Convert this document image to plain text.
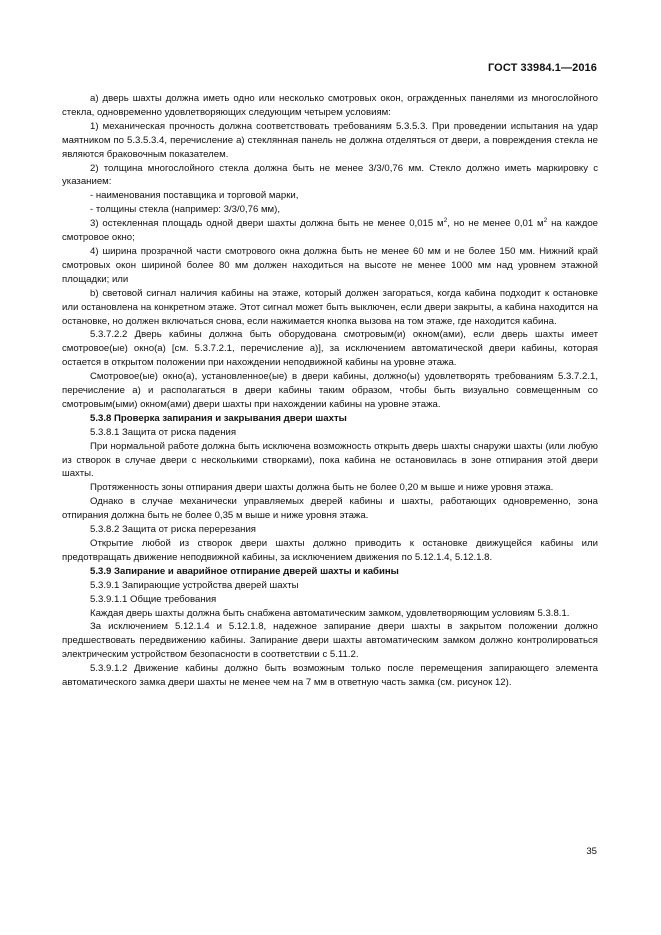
ГОСТ 33984.1—2016

а) дверь шахты должна иметь одно или несколько смотровых окон, огражденных панелями из многослойного стекла, одновременно удовлетворяющих следующим четырем условиям:

1) механическая прочность должна соответствовать требованиям 5.3.5.3. При проведении испытания на удар маятником по 5.3.5.3.4, перечисление а) стеклянная панель не должна отделяться от двери, а повреждения стекла не являются браковочным показателем.

2) толщина многослойного стекла должна быть не менее 3/3/0,76 мм. Стекло должно иметь маркировку с указанием:

- наименования поставщика и торговой марки,

- толщины стекла (например: 3/3/0,76 мм),

3) остекленная площадь одной двери шахты должна быть не менее 0,015 $м^2$, но не менее 0,01 $м^2$ на каждое смотровое окно;

4) ширина прозрачной части смотрового окна должна быть не менее 60 мм и не более 150 мм. Нижний край смотровых окон шириной более 80 мм должен находиться на высоте не менее 1000 мм над уровнем этажной площадки; или

b) световой сигнал наличия кабины на этаже, который должен загораться, когда кабина подходит к остановке или остановлена на конкретном этаже. Этот сигнал может быть выключен, если двери закрыты, а кабина находится на остановке, но должен включаться снова, если нажимается кнопка вызова на том этаже, где находится кабина.

5.3.7.2.2 Дверь кабины должна быть оборудована смотровым(и) окном(ами), если дверь шахты имеет смотровое(ые) окно(а) [см. 5.3.7.2.1, перечисление а)], за исключением автоматической двери кабины, которая остается в открытом положении при нахождении неподвижной кабины на уровне этажа.

Смотровое(ые) окно(а), установленное(ые) в двери кабины, должно(ы) удовлетворять требованиям 5.3.7.2.1, перечисление а) и располагаться в двери кабины таким образом, чтобы быть визуально совмещенным со смотровым(ыми) окном(ами) двери шахты при нахождении кабины на уровне этажа.

5.3.8 Проверка запирания и закрывания двери шахты

5.3.8.1 Защита от риска падения

При нормальной работе должна быть исключена возможность открыть дверь шахты снаружи шахты (или любую из створок в случае двери с несколькими створками), пока кабина не остановилась в зоне отпирания этой двери шахты.

Протяженность зоны отпирания двери шахты должна быть не более 0,20 м выше и ниже уровня этажа.

Однако в случае механически управляемых дверей кабины и шахты, работающих одновременно, зона отпирания должна быть не более 0,35 м выше и ниже уровня этажа.

5.3.8.2 Защита от риска перерезания

Открытие любой из створок двери шахты должно приводить к остановке движущейся кабины или предотвращать движение неподвижной кабины, за исключением движения по 5.12.1.4, 5.12.1.8.

5.3.9 Запирание и аварийное отпирание дверей шахты и кабины

5.3.9.1 Запирающие устройства дверей шахты

5.3.9.1.1 Общие требования

Каждая дверь шахты должна быть снабжена автоматическим замком, удовлетворяющим условиям 5.3.8.1.

За исключением 5.12.1.4 и 5.12.1.8, надежное запирание двери шахты в закрытом положении должно предшествовать передвижению кабины. Запирание двери шахты автоматическим замком должно контролироваться электрическим устройством безопасности в соответствии с 5.11.2.

5.3.9.1.2 Движение кабины должно быть возможным только после перемещения запирающего элемента автоматического замка двери шахты не менее чем на 7 мм в ответную часть замка (см. рисунок 12).

35
